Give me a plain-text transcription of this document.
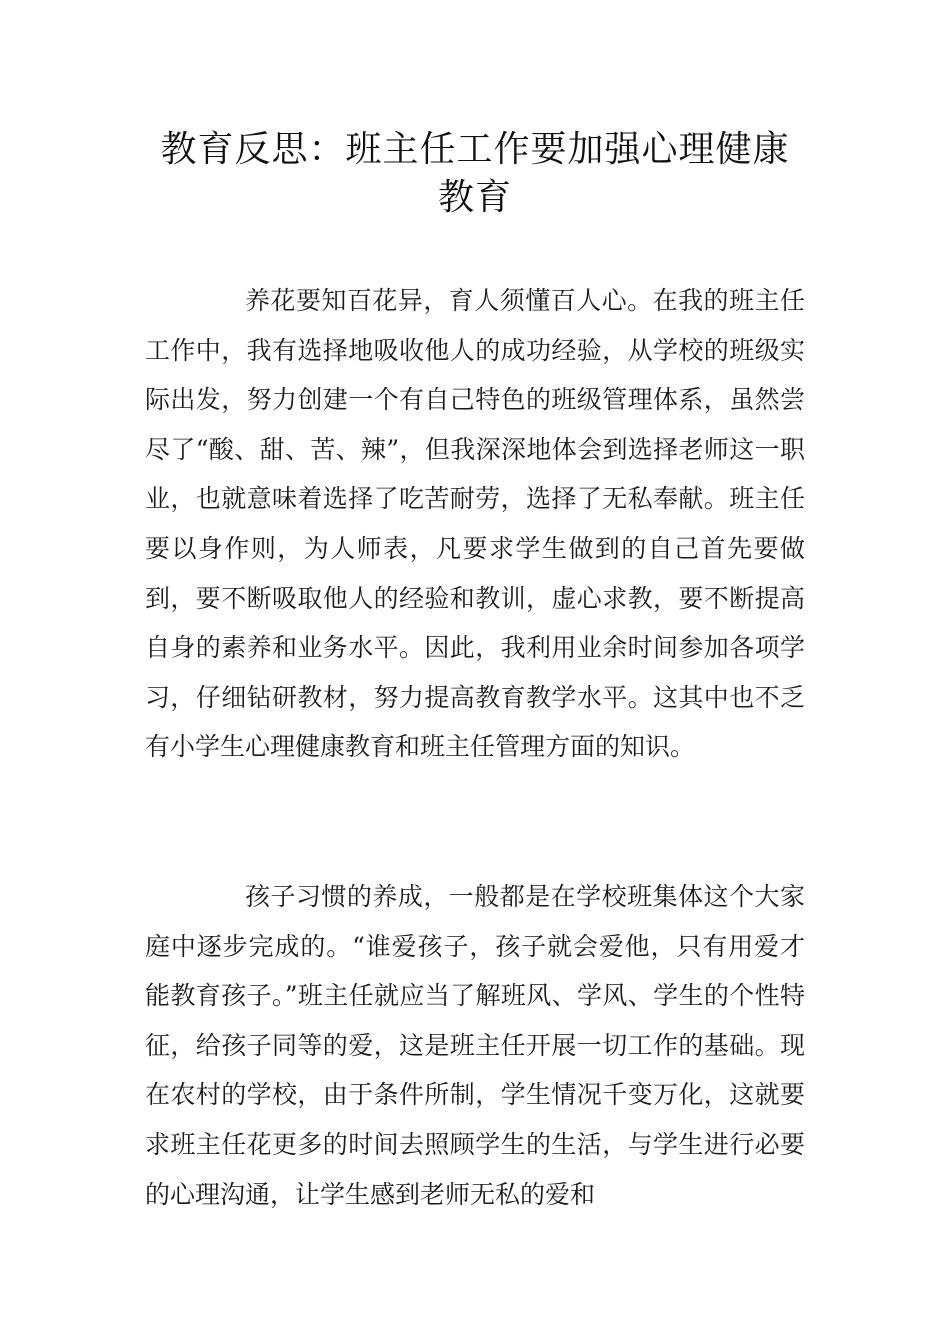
教育反思：班主任工作要加强心理健康教育

养花要知百花异，育人须懂百人心。在我的班主任工作中，我有选择地吸收他人的成功经验，从学校的班级实际出发，努力创建一个有自己特色的班级管理体系，虽然尝尽了“酸、甜、苦、辣”，但我深深地体会到选择老师这一职业，也就意味着选择了吃苦耐劳，选择了无私奉献。班主任要以身作则，为人师表，凡要求学生做到的自己首先要做到，要不断吸取他人的经验和教训，虚心求教，要不断提高自身的素养和业务水平。因此，我利用业余时间参加各项学习，仔细钻研教材，努力提高教育教学水平。这其中也不乏有小学生心理健康教育和班主任管理方面的知识。

孩子习惯的养成，一般都是在学校班集体这个大家庭中逐步完成的。“谁爱孩子，孩子就会爱他，只有用爱才能教育孩子。”班主任就应当了解班风、学风、学生的个性特征，给孩子同等的爱，这是班主任开展一切工作的基础。现在农村的学校，由于条件所制，学生情况千变万化，这就要求班主任花更多的时间去照顾学生的生活，与学生进行必要的心理沟通，让学生感到老师无私的爱和
